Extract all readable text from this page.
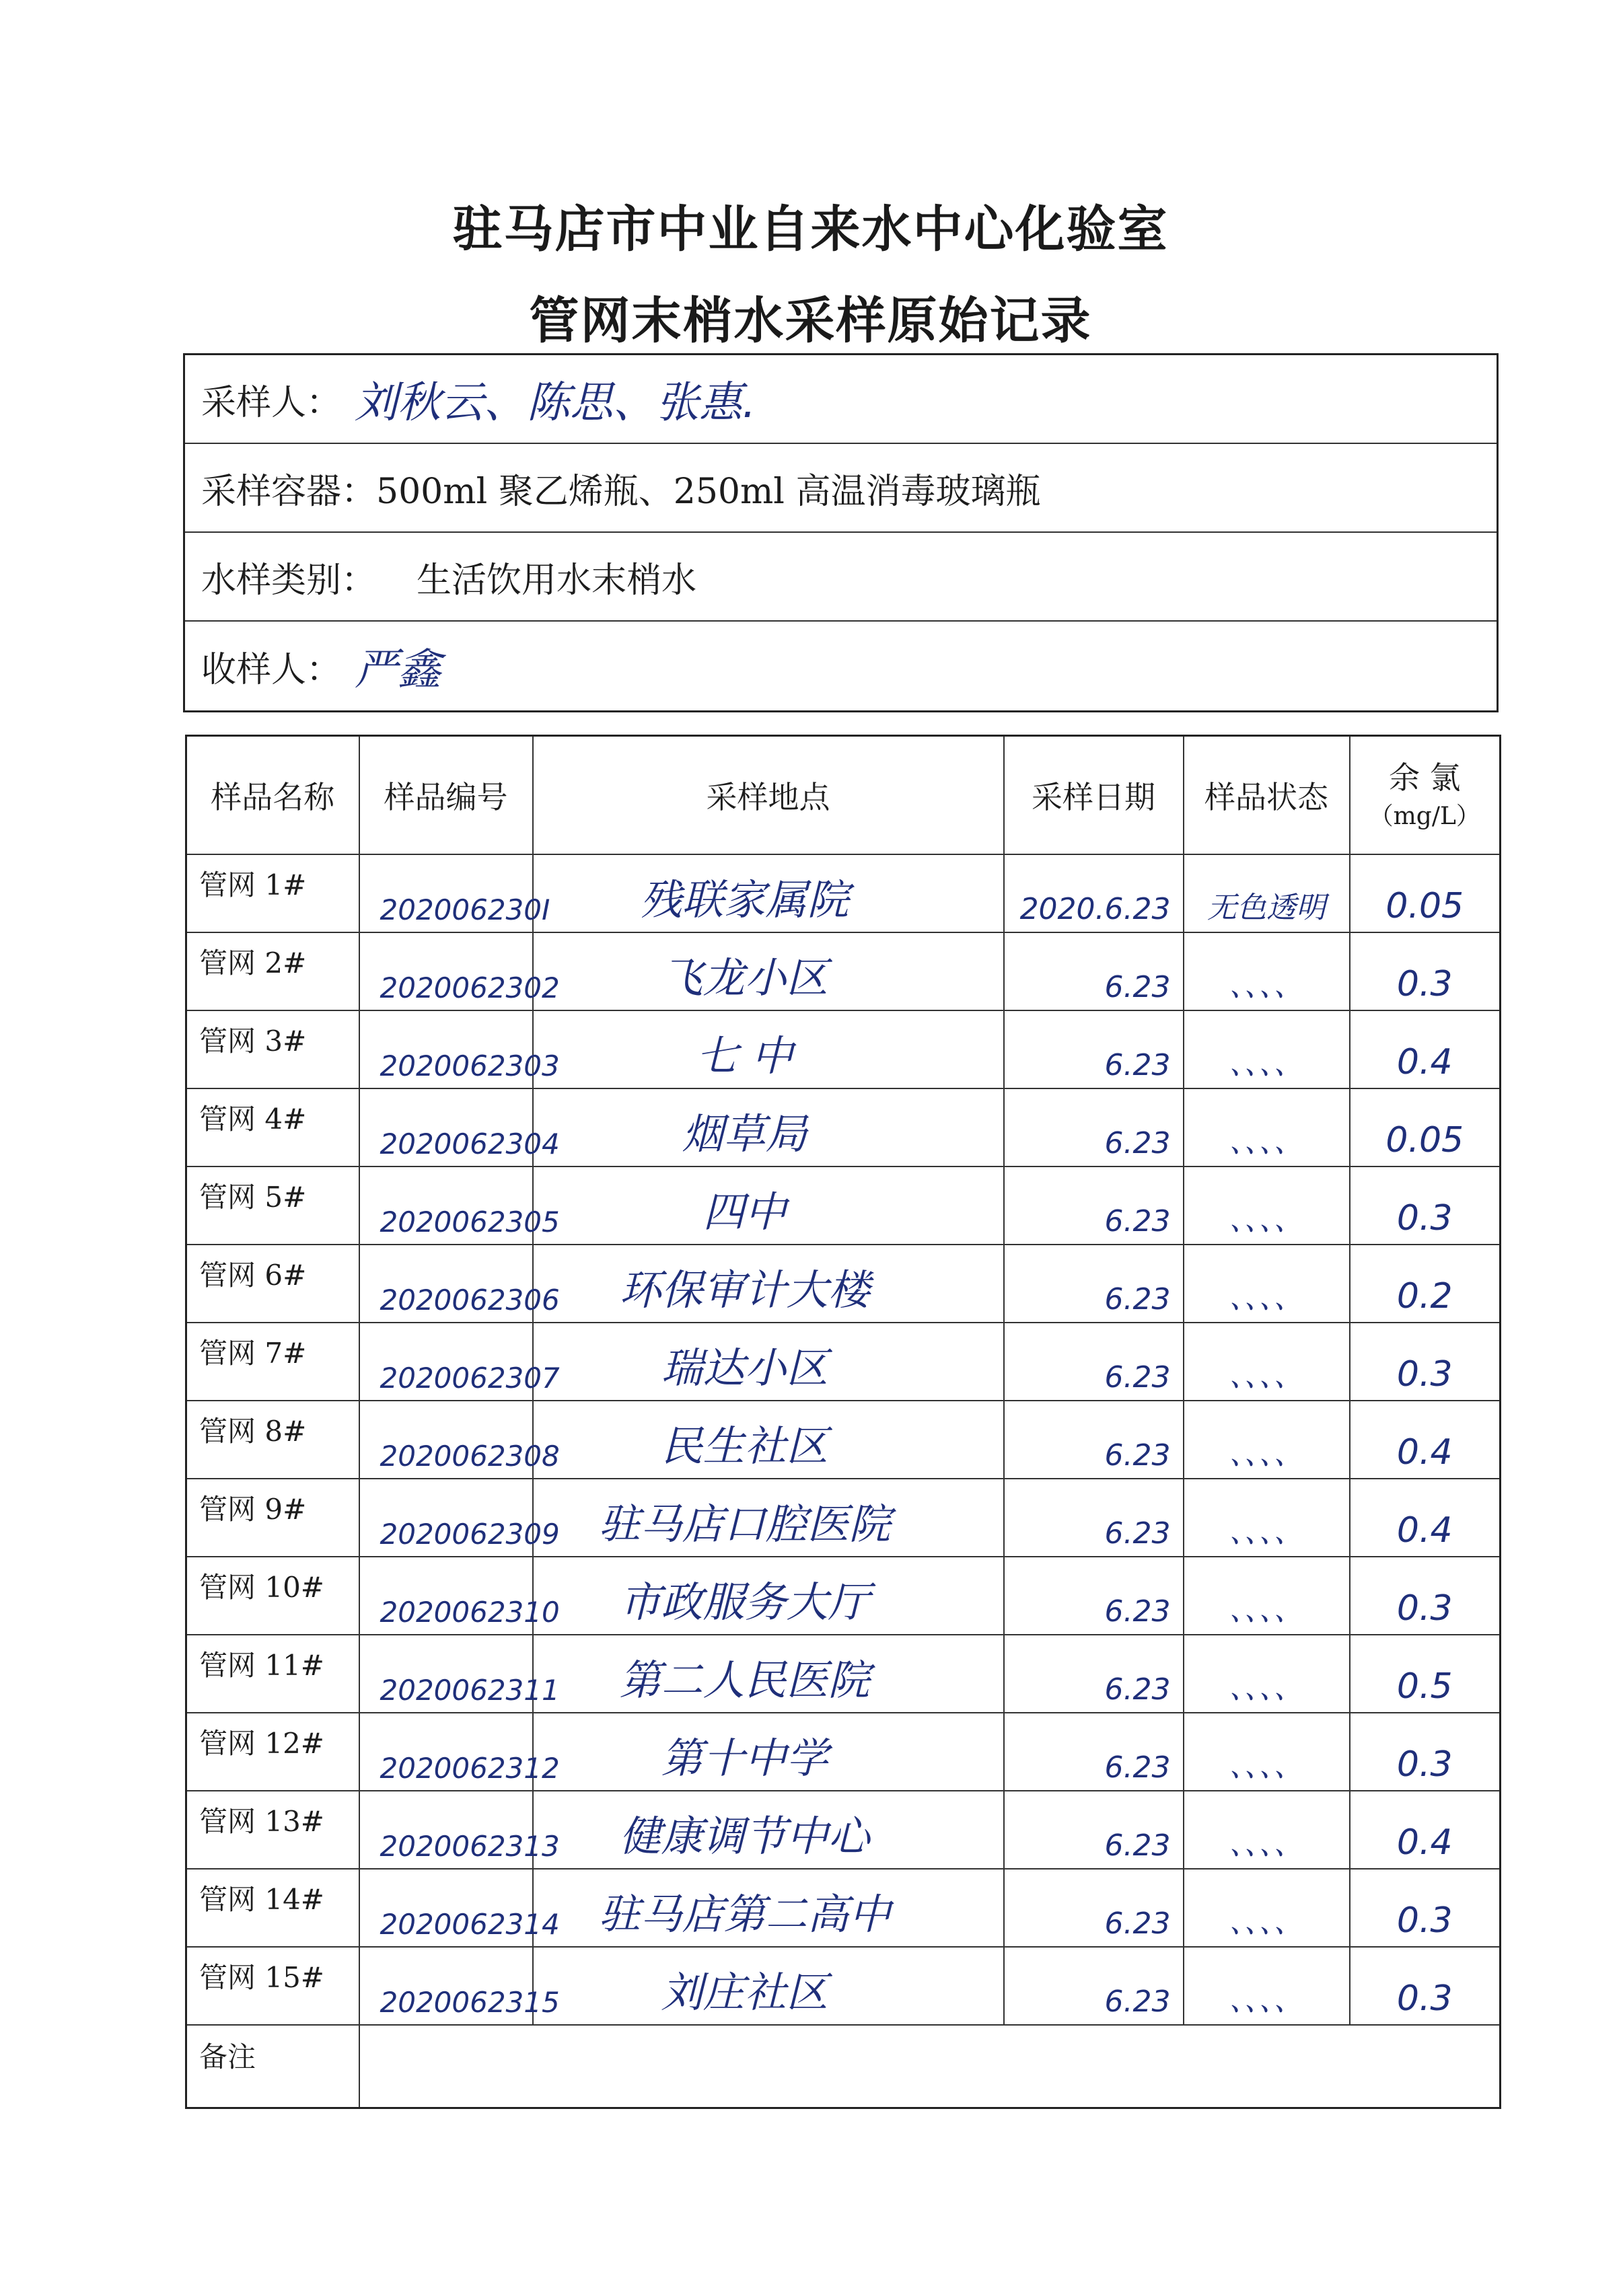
驻马店市中业自来水中心化验室
管网末梢水采样原始记录
采样人： 刘秋云、陈思、张惠.
采样容器： 500ml 聚乙烯瓶、250ml 高温消毒玻璃瓶
水样类别： 生活饮用水末梢水
收样人： 严鑫
样品名称	样品编号	采样地点	采样日期	样品状态	余 氯
（mg/L）

管网 1#	202006230I	残联家属院	2020.6.23	无色透明	0.05

管网 2#	2020062302	飞龙小区	6.23	、、、、	0.3

管网 3#	2020062303	七 中	6.23	、、、、	0.4

管网 4#	2020062304	烟草局	6.23	、、、、	0.05

管网 5#	2020062305	四中	6.23	、、、、	0.3

管网 6#	2020062306	环保审计大楼	6.23	、、、、	0.2

管网 7#	2020062307	瑞达小区	6.23	、、、、	0.3

管网 8#	2020062308	民生社区	6.23	、、、、	0.4

管网 9#	2020062309	驻马店口腔医院	6.23	、、、、	0.4

管网 10#	2020062310	市政服务大厅	6.23	、、、、	0.3

管网 11#	2020062311	第二人民医院	6.23	、、、、	0.5

管网 12#	2020062312	第十中学	6.23	、、、、	0.3

管网 13#	2020062313	健康调节中心	6.23	、、、、	0.4

管网 14#	2020062314	驻马店第二高中	6.23	、、、、	0.3

管网 15#	2020062315	刘庄社区	6.23	、、、、	0.3

备注					
